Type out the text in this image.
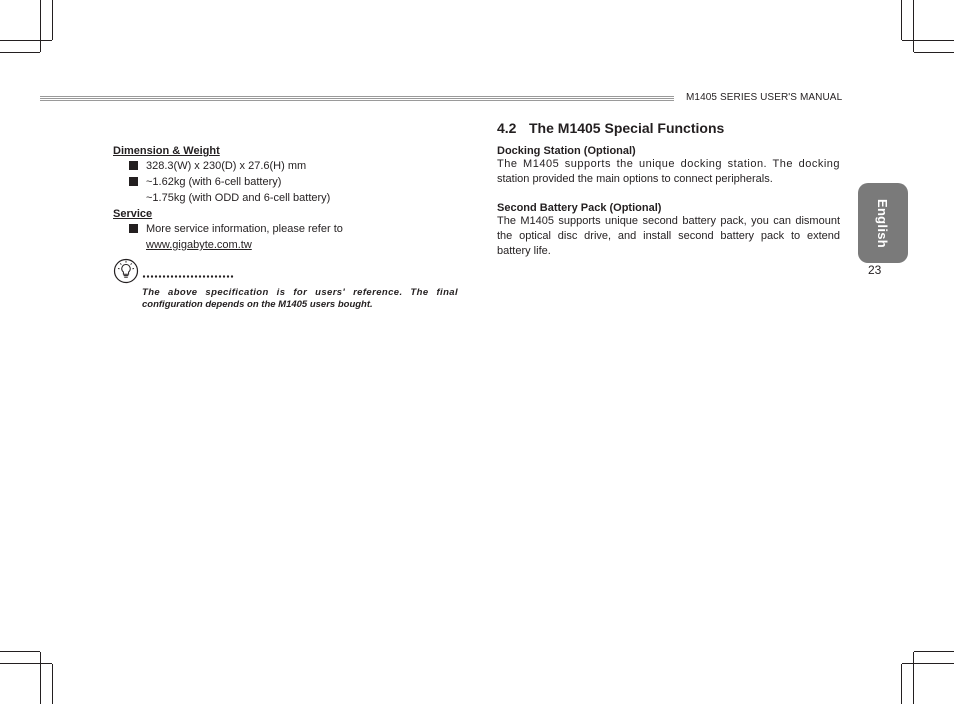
M1405 SERIES USER'S MANUAL
English
23
Dimension & Weight
328.3(W) x 230(D) x 27.6(H) mm
~1.62kg (with 6-cell battery)
~1.75kg (with ODD and 6-cell battery)
Service
More service information, please refer to
www.gigabyte.com.tw
The above specification is for users' reference. The final
configuration depends on the M1405 users bought.
4.2 The M1405 Special Functions
Docking Station (Optional)
The M1405 supports the unique docking station. The docking
station provided the main options to connect peripherals.
Second Battery Pack (Optional)
The M1405 supports unique second battery pack, you can dismount
the optical disc drive, and install second battery pack to extend
battery life.
